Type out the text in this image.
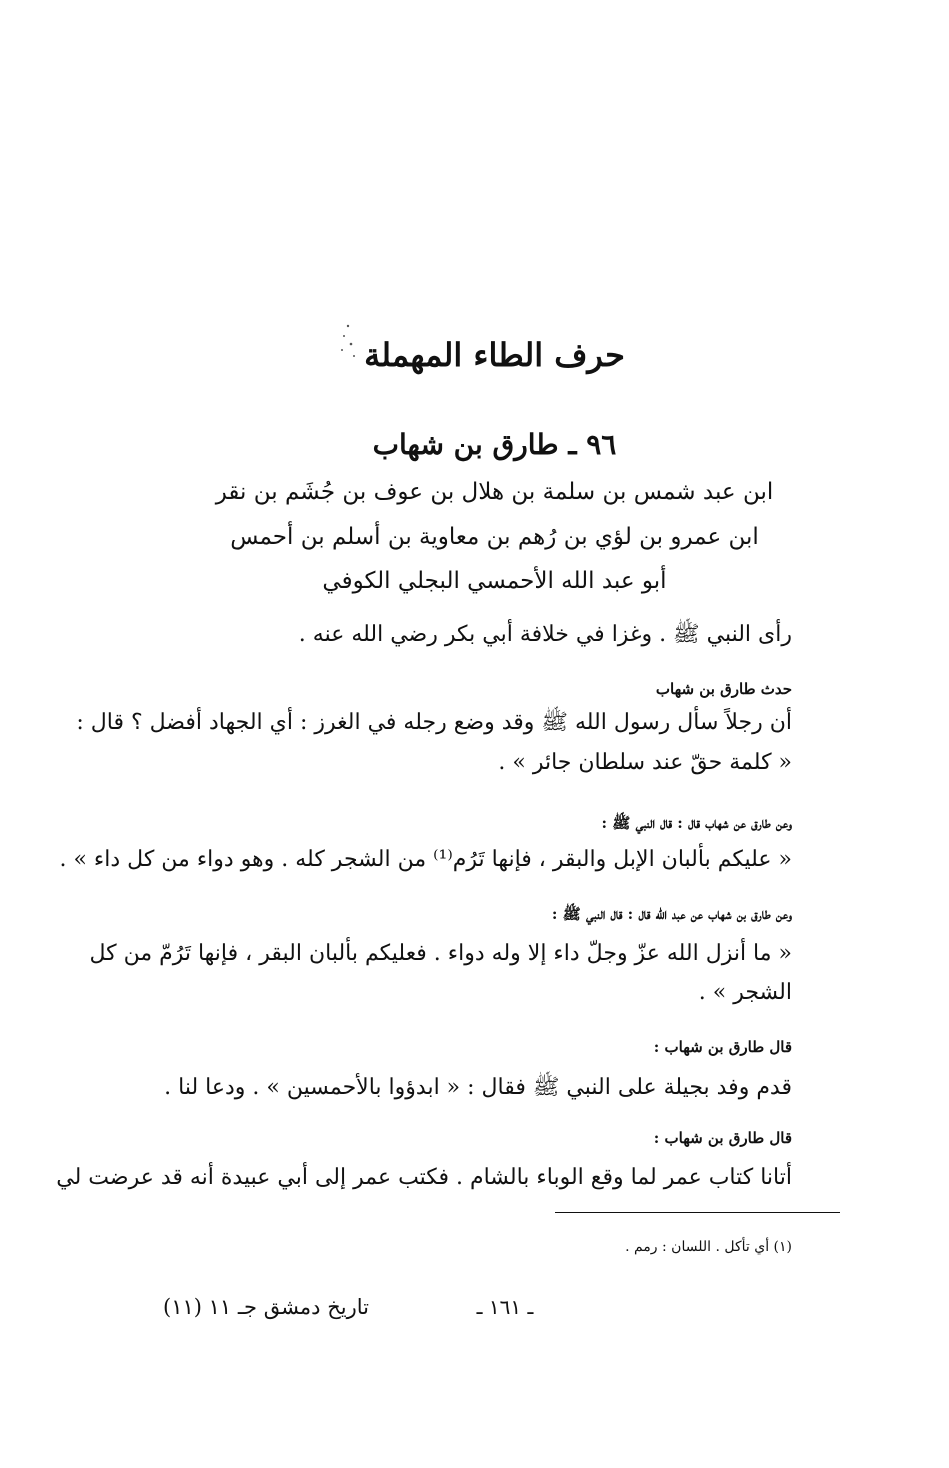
حرف الطاء المهملة
٩٦ ـ طارق بن شهاب
ابن عبد شمس بن سلمة بن هلال بن عوف بن جُشَم بن نقر
ابن عمرو بن لؤي بن رُهم بن معاوية بن أسلم بن أحمس
أبو عبد الله الأحمسي البجلي الكوفي
رأى النبي ﷺ . وغزا في خلافة أبي بكر رضي الله عنه .
حدث طارق بن شهاب
أن رجلاً سأل رسول الله ﷺ وقد وضع رجله في الغرز : أي الجهاد أفضل ؟ قال :
« كلمة حقّ عند سلطان جائر » .
وعن طارق عن شهاب قال : قال النبي ﷺ :
« عليكم بألبان الإبل والبقر ، فإنها تَرُم⁽¹⁾ من الشجر كله . وهو دواء من كل داء » .
وعن طارق بن شهاب عن عبد الله قال : قال النبي ﷺ :
« ما أنزل الله عزّ وجلّ داء إلا وله دواء . فعليكم بألبان البقر ، فإنها تَرُمّ من كل
الشجر » .
قال طارق بن شهاب :
قدم وفد بجيلة على النبي ﷺ فقال : « ابدؤوا بالأحمسين » . ودعا لنا .
قال طارق بن شهاب :
أتانا كتاب عمر لما وقع الوباء بالشام . فكتب عمر إلى أبي عبيدة أنه قد عرضت لي
(١) أي تأكل . اللسان : رمم .
تاريخ دمشق جـ ١١ (١١)	ـ ١٦١ ـ
